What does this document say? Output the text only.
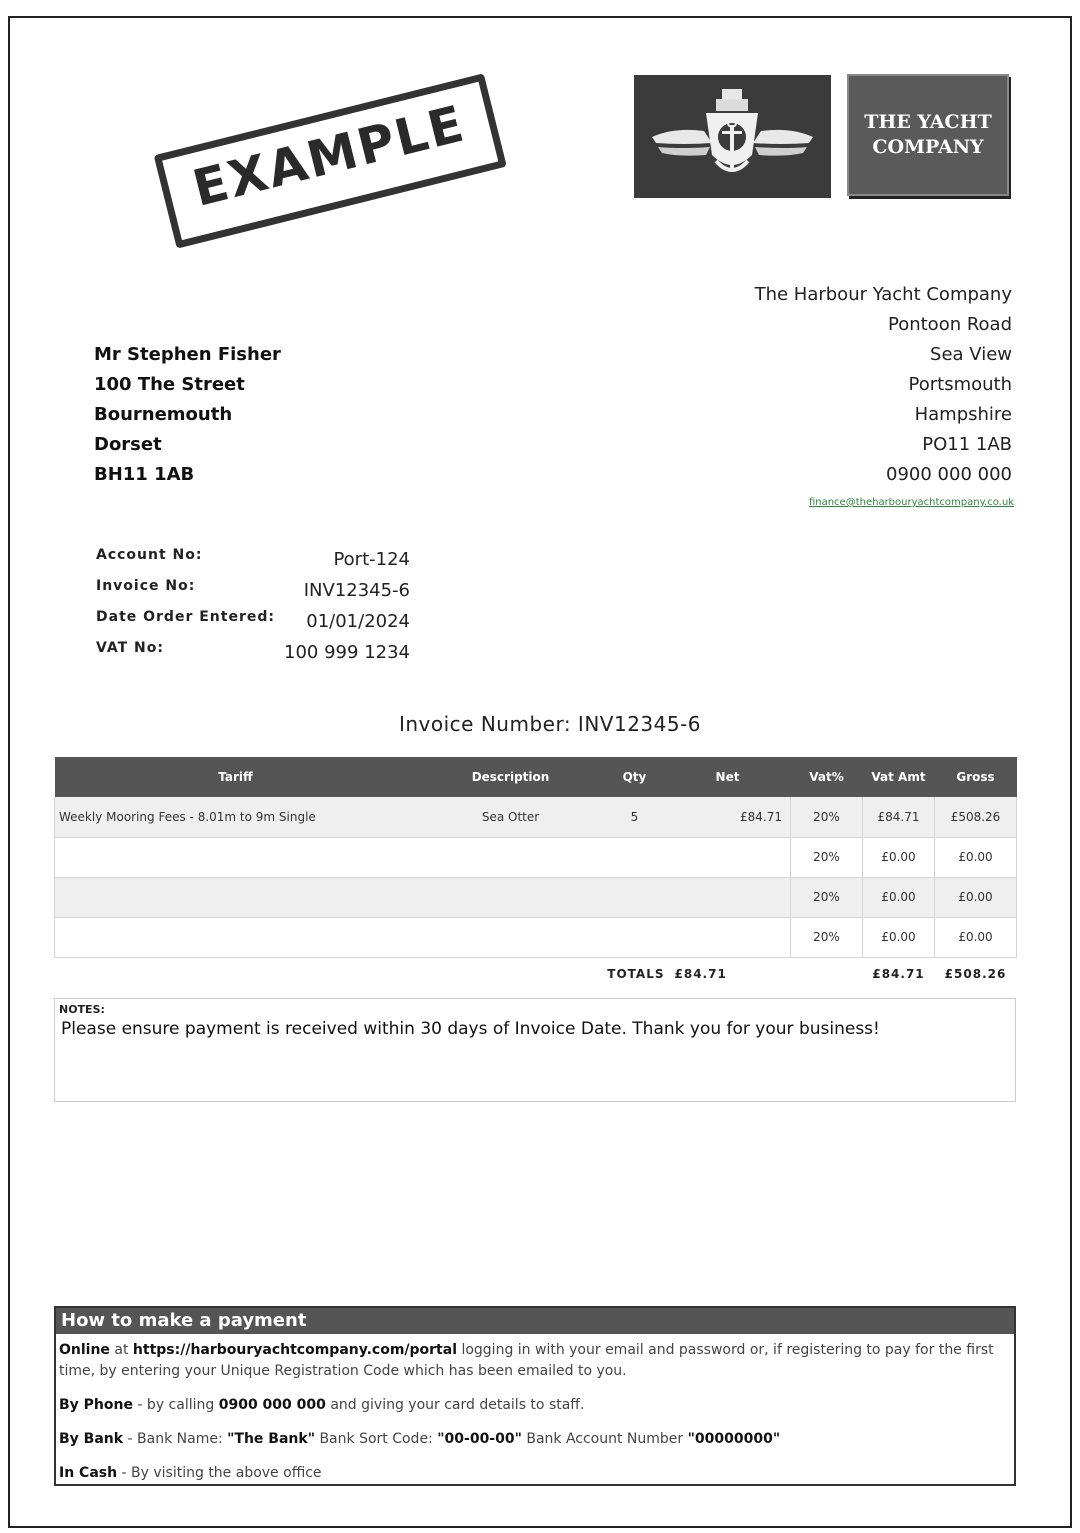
EXAMPLE	THE YACHT
COMPANY
The Harbour Yacht Company
Pontoon Road
Sea View
Portsmouth
Hampshire
PO11 1AB
0900 000 000
finance@theharbouryachtcompany.co.uk
Mr Stephen Fisher
100 The Street
Bournemouth
Dorset
BH11 1AB
Account No:	Port-124
Invoice No:	INV12345-6
Date Order Entered: 01/01/2024
VAT No:	100 999 1234
Invoice Number: INV12345-6
Tariff	Description	Qty	Net	Vat%	Vat Amt	Gross
Weekly Mooring Fees - 8.01m to 9m Single	Sea Otter	5	£84.71	20%	£84.71	£508.26
				20%	£0.00	£0.00
				20%	£0.00	£0.00
				20%	£0.00	£0.00
		TOTALS	£84.71		£84.71	£508.26
NOTES:
Please ensure payment is received within 30 days of Invoice Date. Thank you for your business!
How to make a payment

Online at https://harbouryachtcompany.com/portal logging in with your email and password or, if registering to pay for the first time, by entering your Unique Registration Code which has been emailed to you.

By Phone - by calling 0900 000 000 and giving your card details to staff.

By Bank - Bank Name: "The Bank" Bank Sort Code: "00-00-00" Bank Account Number "00000000"

In Cash - By visiting the above office
